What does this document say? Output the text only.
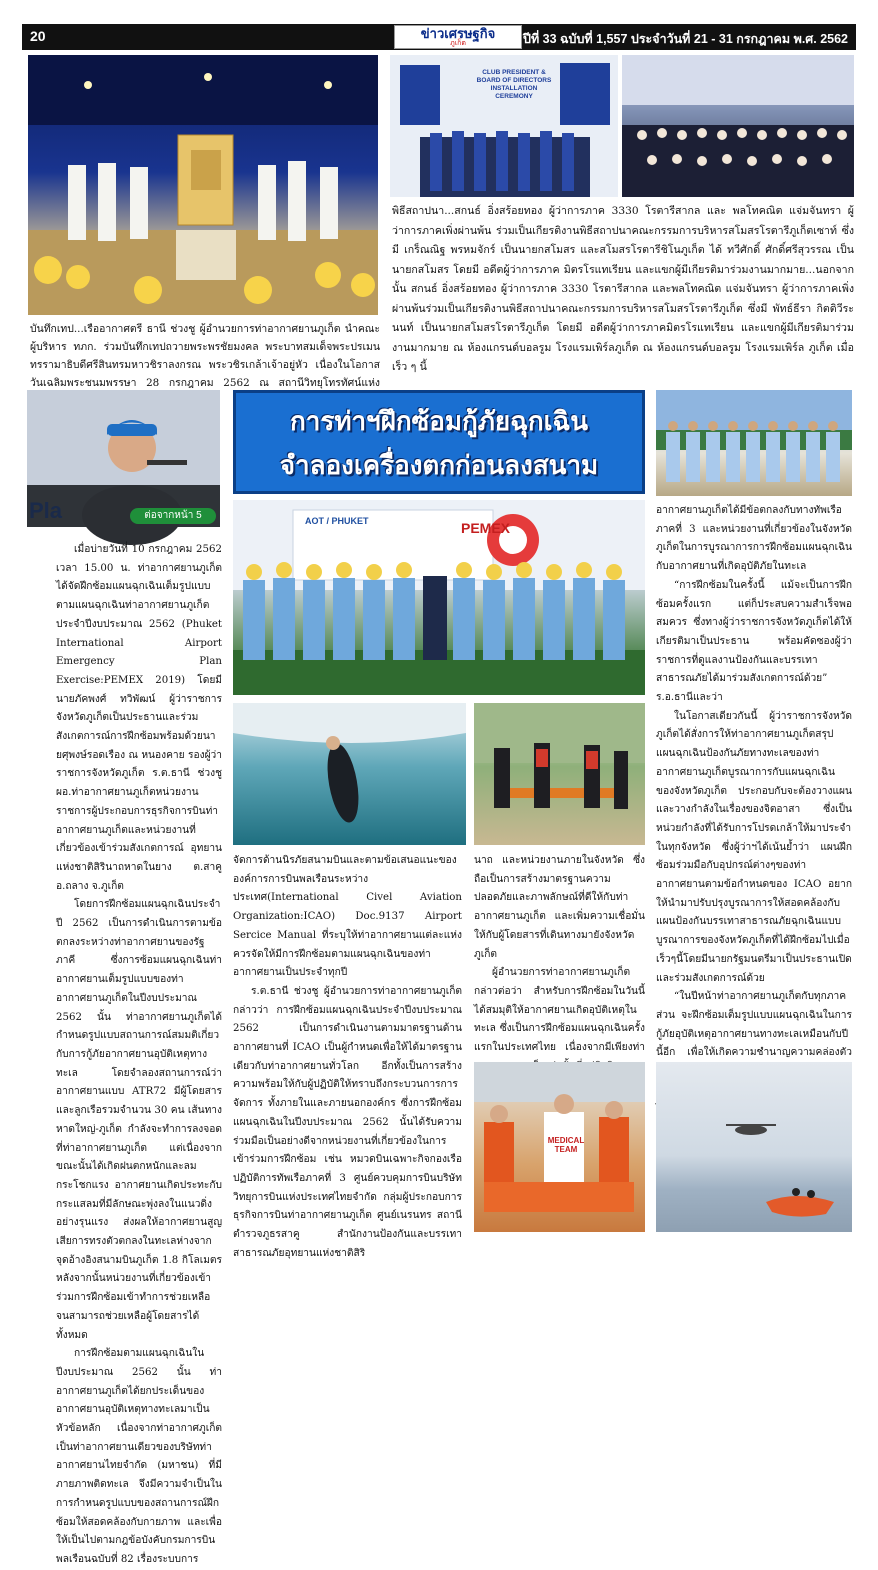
20	ข่าวเศรษฐกิจ
ภูเก็ต	ปีที่ 33 ฉบับที่ 1,557 ประจำวันที่ 21 - 31 กรกฎาคม พ.ศ. 2562
บันทึกเทป...เรืออากาศตรี ธานี ช่วงชู ผู้อำนวยการท่าอากาศยานภูเก็ต นำคณะผู้บริหาร ทภก. ร่วมบันทึกเทปถวายพระพรชัยมงคล พระบาทสมเด็จพระปรเมนทรรามาธิบดีศรีสินทรมหาวชิราลงกรณ พระวชิรเกล้าเจ้าอยู่หัว เนื่องในโอกาสวันเฉลิมพระชนมพรรษา 28 กรกฎาคม 2562 ณ สถานีวิทยุโทรทัศน์แห่ง
CLUB PRESIDENT & BOARD OF DIRECTORS INSTALLATION CEREMONY
พิธีสถาปนา...สกนธ์ อิ่งสร้อยทอง ผู้ว่าการภาค 3330 โรตารีสากล และ พลโทคณิต แจ่มจันทรา ผู้ว่าการภาคเพิ่งผ่านพ้น ร่วมเป็นเกียรติงานพิธีสถาปนาคณะกรรมการบริหารสโมสรโรตารีภูเก็ตเซาท์ ซึ่งมี เกร็ณณิฐ พรหมจักร์ เป็นนายกสโมสร และสโมสรโรตารีชิโนภูเก็ต ได้ ทวีศักดิ์ ศักดิ์ศรีสุวรรณ เป็นนายกสโมสร โดยมี อดีตผู้ว่าการภาค มิตรโรแทเรียน และแขกผู้มีเกียรติมาร่วมงานมากมาย...นอกจากนั้น สกนธ์ อิ่งสร้อยทอง ผู้ว่าการภาค 3330 โรตารีสากล และพลโทคณิต แจ่มจันทรา ผู้ว่าการภาคเพิ่งผ่านพ้นร่วมเป็นเกียรติงานพิธีสถาปนาคณะกรรมการบริหารสโมสรโรตารีภูเก็ต ซึ่งมี พัทธ์ธีรา กิตติวีระนนท์ เป็นนายกสโมสรโรตารีภูเก็ต โดยมี อดีตผู้ว่าการภาคมิตรโรแทเรียน และแขกผู้มีเกียรติมาร่วมงานมากมาย ณ ห้องแกรนด์บอลรูม โรงแรมเพิร์ลภูเก็ต ณ ห้องแกรนด์บอลรูม โรงแรมเพิร์ล ภูเก็ต เมื่อเร็ว ๆ นี้
Pla	ต่อจากหน้า 5
การท่าฯฝึกซ้อมกู้ภัยฉุกเฉิน
จำลองเครื่องตกก่อนลงสนาม
PEMEX
AOT / PHUKET

เมื่อบ่ายวันที่ 10 กรกฎาคม 2562 เวลา 15.00 น. ท่าอากาศยานภูเก็ตได้จัดฝึกซ้อมแผนฉุกเฉินเต็มรูปแบบตามแผนฉุกเฉินท่าอากาศยานภูเก็ตประจำปีงบประมาณ 2562 (Phuket International Airport Emergency Plan Exercise:PEMEX 2019) โดยมีนายภัคพงศ์ ทวิพัฒน์ ผู้ว่าราชการจังหวัดภูเก็ตเป็นประธานและร่วมสังเกตการณ์การฝึกซ้อมพร้อมด้วยนายศุพงษ์รอดเรือง ณ หนองคาย รองผู้ว่าราชการจังหวัดภูเก็ต ร.ต.ธานี ช่วงชู ผอ.ท่าอากาศยานภูเก็ตหน่วยงานราชการผู้ประกอบการธุรกิจการบินท่าอากาศยานภูเก็ตและหน่วยงานที่เกี่ยวข้องเข้าร่วมสังเกตการณ์ อุทยานแห่งชาติสิรินาถหาดในยาง ต.สาคู อ.ถลาง จ.ภูเก็ต

โดยการฝึกซ้อมแผนฉุกเฉินประจำปี 2562 เป็นการดำเนินการตามข้อตกลงระหว่างท่าอากาศยานของรัฐภาคี ซึ่งการซ้อมแผนฉุกเฉินท่าอากาศยานเต็มรูปแบบของท่าอากาศยานภูเก็ตในปีงบประมาณ 2562 นั้น ท่าอากาศยานภูเก็ตได้กำหนดรูปแบบสถานการณ์สมมติเกี่ยวกับการกู้ภัยอากาศยานอุบัติเหตุทางทะเล โดยจำลองสถานการณ์ว่า อากาศยานแบบ ATR72 มีผู้โดยสารและลูกเรือรวมจำนวน 30 คน เส้นทางหาดใหญ่-ภูเก็ต กำลังจะทำการลงจอดที่ท่าอากาศยานภูเก็ต แต่เนื่องจากขณะนั้นได้เกิดฝนตกหนักและลมกระโชกแรง อากาศยานเกิดประทะกับกระแสลมที่มีลักษณะพุ่งลงในแนวดิ่งอย่างรุนแรง ส่งผลให้อากาศยานสูญเสียการทรงตัวตกลงในทะเลห่างจากจุดอ้างอิงสนามบินภูเก็ต 1.8 กิโลเมตร หลังจากนั้นหน่วยงานที่เกี่ยวข้องเข้าร่วมการฝึกซ้อมเข้าทำการช่วยเหลือจนสามารถช่วยเหลือผู้โดยสารได้ทั้งหมด

การฝึกซ้อมตามแผนฉุกเฉินในปีงบประมาณ 2562 นั้น ท่าอากาศยานภูเก็ตได้ยกประเด็นของอากาศยานอุบัติเหตุทางทะเลมาเป็นหัวข้อหลัก เนื่องจากท่าอากาศภูเก็ตเป็นท่าอากาศยานเดียวของบริษัทท่าอากาศยานไทยจำกัด (มหาชน) ที่มีภายภาพติดทะเล จึงมีความจำเป็นในการกำหนดรูปแบบของสถานการณ์ฝึกซ้อมให้สอดคล้องกับกายภาพ และเพื่อให้เป็นไปตามกฎข้อบังคับกรมการบินพลเรือนฉบับที่ 82 เรื่องระบบการ

จัดการด้านนิรภัยสนามบินและตามข้อเสนอแนะขององค์การการบินพลเรือนระหว่างประเทศ(International Civel Aviation Organization:ICAO) Doc.9137 Airport Sercice Manual ที่ระบุให้ท่าอากาศยานแต่ละแห่งควรจัดให้มีการฝึกซ้อมตามแผนฉุกเฉินของท่าอากาศยานเป็นประจำทุกปี

ร.ต.ธานี ช่วงชู ผู้อำนวยการท่าอากาศยานภูเก็ตกล่าวว่า การฝึกซ้อมแผนฉุกเฉินประจำปีงบประมาณ 2562 เป็นการดำเนินงานตามมาตรฐานด้านอากาศยานที่ ICAO เป็นผู้กำหนดเพื่อให้ได้มาตรฐานเดียวกับท่าอากาศยานทั่วโลก อีกทั้งเป็นการสร้างความพร้อมให้กับผู้ปฏิบัติให้ทราบถึงกระบวนการการจัดการ ทั้งภายในและภายนอกองค์กร ซึ่งการฝึกซ้อมแผนฉุกเฉินในปีงบประมาณ 2562 นั้นได้รับความร่วมมือเป็นอย่างดีจากหน่วยงานที่เกี่ยวข้องในการเข้าร่วมการฝึกซ้อม เช่น หมวดบินเฉพาะกิจกองเรือปฏิบัติการทัพเรือภาคที่ 3 ศูนย์ควบคุมการบินบริษัทวิทยุการบินแห่งประเทศไทยจำกัด กลุ่มผู้ประกอบการธุรกิจการบินท่าอากาศยานภูเก็ต ศูนย์เนรนทร สถานีตำรวจภูธรสาคู สำนักงานป้องกันและบรรเทาสาธารณภัยอุทยานแห่งชาติสิริ

นาถ และหน่วยงานภายในจังหวัด ซึ่งถือเป็นการสร้างมาตรฐานความปลอดภัยและภาพลักษณ์ที่ดีให้กับท่าอากาศยานภูเก็ต และเพิ่มความเชื่อมั่นให้กับผู้โดยสารที่เดินทางมายังจังหวัดภูเก็ต

ผู้อำนวยการท่าอากาศยานภูเก็ตกล่าวต่อว่า สำหรับการฝึกซ้อมในวันนี้ได้สมมุติให้อากาศยานเกิดอุบัติเหตุในทะเล ซึ่งเป็นการฝึกซ้อมแผนฉุกเฉินครั้งแรกในประเทศไทย เนื่องจากมีเพียงท่า

อากาศยานภูเก็ตได้มีข้อตกลงกับทางทัพเรือภาคที่ 3 และหน่วยงานที่เกี่ยวข้องในจังหวัดภูเก็ตในการบูรณาการการฝึกซ้อมแผนฉุกเฉินกับอากาศยานที่เกิดอุบัติภัยในทะเล

“การฝึกซ้อมในครั้งนี้ แม้จะเป็นการฝึกซ้อมครั้งแรก แต่ก็ประสบความสำเร็จพอสมควร ซึ่งทางผู้ว่าราชการจังหวัดภูเก็ตได้ให้เกียรติมาเป็นประธาน พร้อมคัดซองผู้ว่าราชการที่ดูแลงานป้องกันและบรรเทาสาธารณภัยได้มาร่วมสังเกตการณ์ด้วย” ร.อ.ธานีและว่า

ในโอกาสเดียวกันนี้ ผู้ว่าราชการจังหวัดภูเก็ตได้สั่งการให้ท่าอากาศยานภูเก็ตสรุปแผนฉุกเฉินป้องกันภัยทางทะเลของท่าอากาศยานภูเก็ตบูรณาการกับแผนฉุกเฉินของจังหวัดภูเก็ต ประกอบกับจะต้องวางแผนและวางกำลังในเรื่องของจิตอาสา ซึ่งเป็นหน่วยกำลังที่ได้รับการโปรดเกล้าให้มาประจำในทุกจังหวัด ซึ่งผู้ว่าฯได้เน้นย้ำว่า แผนฝึกซ้อมร่วมมือกับอุปกรณ์ต่างๆของท่าอากาศยานตามข้อกำหนดของ ICAO อยากให้นำมาปรับปรุงบูรณาการให้สอดคล้องกับแผนป้องกันบรรเทาสาธารณภัยฉุกเฉินแบบบูรณาการของจังหวัดภูเก็ตที่ได้ฝึกซ้อมไปเมื่อเร็วๆนี้โดยมีนายกรัฐมนตรีมาเป็นประธานเปิด และร่วมสังเกตการณ์ด้วย

“ในปีหน้าท่าอากาศยานภูเก็ตกับทุกภาคส่วน จะฝึกซ้อมเต็มรูปแบบแผนฉุกเฉินในการกู้ภัยอุบัติเหตุอากาศยานทางทะเลเหมือนกับปีนี้อีก เพื่อให้เกิดความชำนาญความคล่องตัว

MEDICAL TEAM
